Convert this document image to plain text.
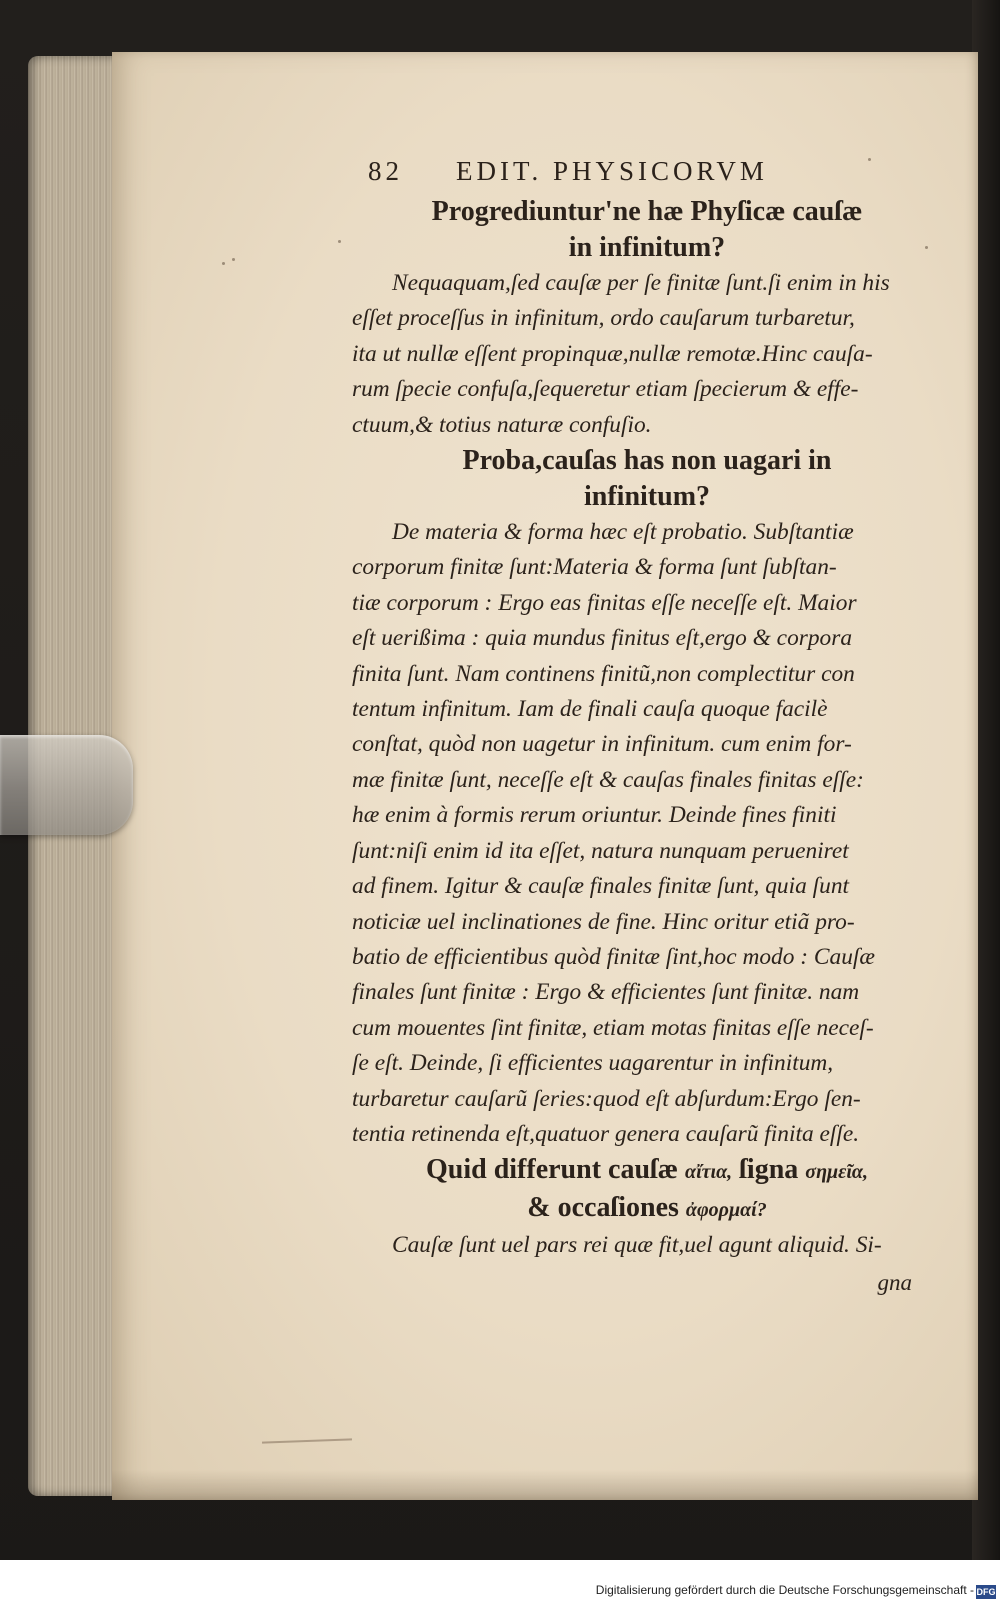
82 EDIT. PHYSICORVM
Progrediuntur'ne hæ Phyſicæ cauſæ
in infinitum?

Nequaquam,ſed cauſæ per ſe finitæ ſunt.ſi enim in his
eſſet proceſſus in infinitum, ordo cauſarum turbaretur,
ita ut nullæ eſſent propinquæ,nullæ remotæ.Hinc cauſa-
rum ſpecie confuſa,ſequeretur etiam ſpecierum & effe-
ctuum,& totius naturæ confuſio.

Proba,cauſas has non uagari in
infinitum?

De materia & forma hæc eſt probatio. Subſtantiæ
corporum finitæ ſunt:Materia & forma ſunt ſubſtan-
tiæ corporum : Ergo eas finitas eſſe neceſſe eſt. Maior
eſt uerißima : quia mundus finitus eſt,ergo & corpora
finita ſunt. Nam continens finitũ,non complectitur con
tentum infinitum. Iam de finali cauſa quoque facilè
conſtat, quòd non uagetur in infinitum. cum enim for-
mæ finitæ ſunt, neceſſe eſt & cauſas finales finitas eſſe:
hæ enim à formis rerum oriuntur. Deinde fines finiti
ſunt:niſi enim id ita eſſet, natura nunquam perueniret
ad finem. Igitur & cauſæ finales finitæ ſunt, quia ſunt
noticiæ uel inclinationes de fine. Hinc oritur etiã pro-
batio de efficientibus quòd finitæ ſint,hoc modo : Cauſæ
finales ſunt finitæ : Ergo & efficientes ſunt finitæ. nam
cum mouentes ſint finitæ, etiam motas finitas eſſe neceſ-
ſe eſt. Deinde, ſi efficientes uagarentur in infinitum,
turbaretur cauſarũ ſeries:quod eſt abſurdum:Ergo ſen-
tentia retinenda eſt,quatuor genera cauſarũ finita eſſe.

Quid differunt cauſæ αἴτια, ſigna σημεῖα,
& occaſiones ἀφορμαί?

Cauſæ ſunt uel pars rei quæ fit,uel agunt aliquid. Si-

gna
Digitalisierung gefördert durch die Deutsche Forschungsgemeinschaft - DFG
